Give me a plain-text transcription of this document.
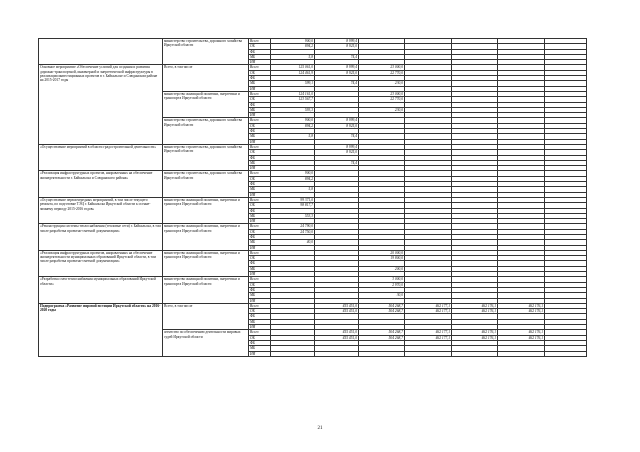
	министерство строительства, дорожного хозяйства Иркутской области	Всего	900,0	8 999,4					
		ОБ	894,2	8 925,0					
		ФБ							
		МБ	5,8	74,4					
		ИИ							
Основное мероприятие «Обеспечение условий для создания и развития дорожно-транспортной, инженерной и энергетической инфраструктуры в реализации инвестиционных проектов в г. Байкальске и Слюдянском районе на 2015-2017 годы	Всего, в том числе	Всего	125 061,0	8 999,4	23 000,0				
		ОБ	124 461,9	8 925,0	22 770,0				
		ФБ							
		МБ	599,1	74,4	230,0				
		ИИ							
	министерство жилищной политики, энергетики и транспорта Иркутской области	Всего	124 161,0		23 000,0				
		ОБ	123 567,7		22 770,0				
		ФБ							
		МБ	593,3		230,0				
		ИИ							
	министерство строительства, дорожного хозяйства Иркутской области	Всего	900,0	8 999,4					
		ОБ	894,2	8 925,0					
		ФБ							
		МБ	5,8	74,4					
		ИИ							
«Осуществление мероприятий в области градостроительной деятельности»	министерство строительства, дорожного хозяйства Иркутской области	Всего		8 999,4					
		ОБ		8 925,0					
		ФБ							
		МБ		74,4					
		ИИ							
«Реализация инфраструктурных проектов, направленных на обеспечение жизнедеятельности г. Байкальска и Слюдянского района»	министерство строительства, дорожного хозяйства Иркутской области	Всего	900,0						
		ОБ	894,2						
		ФБ							
		МБ	5,8						
		ИИ							
«Осуществление первоочередных мероприятий, в том числе текущего ремонта, по подготовке ТЭЦ г. Байкальска Иркутской области к осенне-зимнему периоду 2015-2016 годов»	министерство жилищной политики, энергетики и транспорта Иркутской области	Всего	99 371,0						
		ОБ	98 817,7						
		ФБ							
		МБ	553,3						
		ИИ							
«Реконструкция системы теплоснабжения (тепловые сети) г. Байкальска, в том числе разработка проектно-сметной документации»	министерство жилищной политики, энергетики и транспорта Иркутской области	Всего	24 790,0						
		ОБ	24 750,0						
		ФБ							
		МБ	40,0						
		ИИ							
«Реализация инфраструктурных проектов, направленных на обеспечение жизнедеятельности муниципальных образований Иркутской области, в том числе разработка проектно-сметной документации»	министерство жилищной политики, энергетики и транспорта Иркутской области	Всего			20 000,0				
		ОБ			19 800,0				
		ФБ							
		МБ			200,0				
		ИИ							
«Разработка схем теплоснабжения муниципальных образований Иркутской области»	министерство жилищной политики, энергетики и транспорта Иркутской области	Всего			3 000,0				
		ОБ			2 970,0				
		ФБ							
		МБ			30,0				
		ИИ							
Подпрограмма «Развитие мировой юстиции Иркутской области» на 2016-2020 годы	Всего, в том числе	Всего		455 451,0	504 268,7	462 177,1	462 176,1	462 176,1	
		ОБ		455 451,0	504 268,7	462 177,1	462 176,1	462 176,1	
		ФБ							
		МБ							
		ИИ							
	агентство по обеспечению деятельности мировых судей Иркутской области	Всего		455 451,0	504 268,7	462 177,1	462 176,1	462 176,1	
		ОБ		455 451,0	504 268,7	462 177,1	462 176,1	462 176,1	
		ФБ							
		МБ							
		ИИ							
21
